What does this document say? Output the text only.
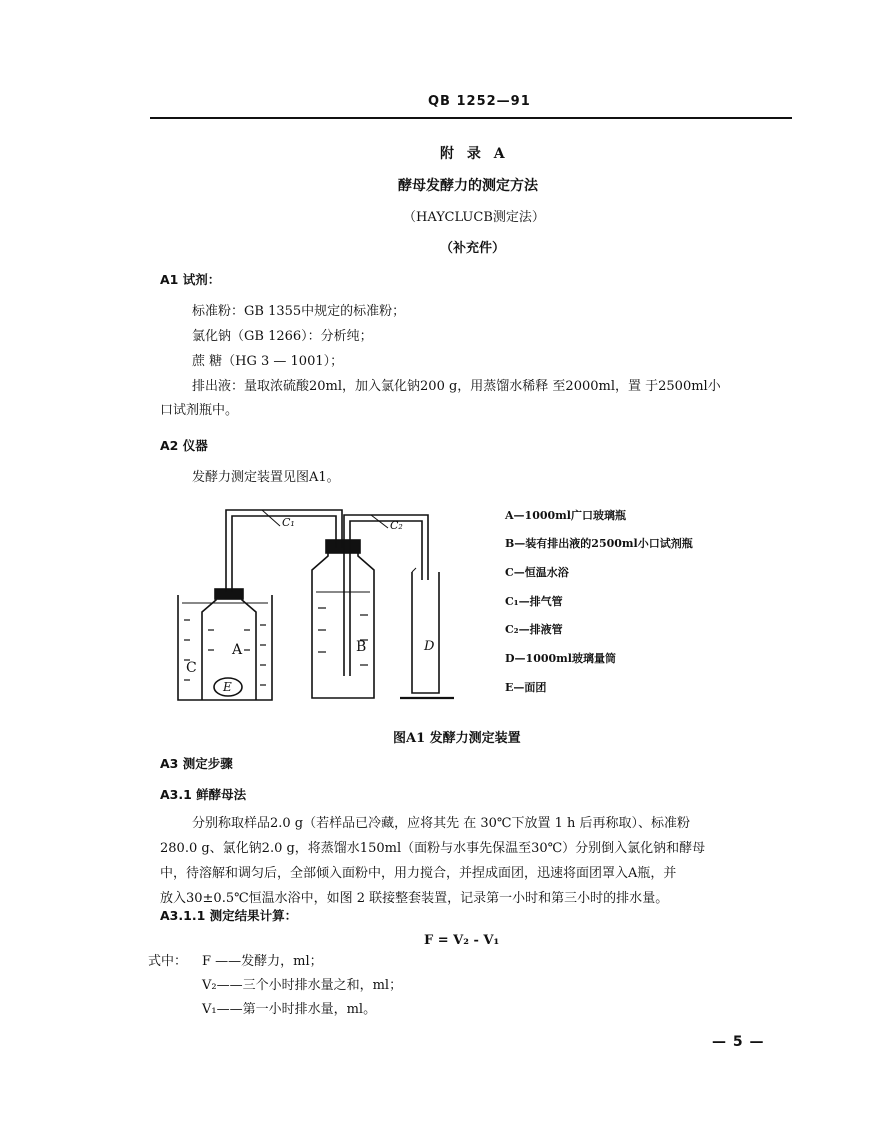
QB 1252—91
附 录 A
酵母发酵力的测定方法
（HAYCLUCB测定法）
（补充件）
A1 试剂：
标准粉：GB 1355中规定的标准粉；
氯化钠（GB 1266）：分析纯；
蔗 糖（HG 3 — 1001）；
排出液：量取浓硫酸20ml，加入氯化钠200 g，用蒸馏水稀释 至2000ml，置 于2500ml小
口试剂瓶中。
A2 仪器
发酵力测定装置见图A1。
A	B
C
D
E
C₁	C₂
A—1000ml广口玻璃瓶
B—装有排出液的2500ml小口试剂瓶
C—恒温水浴
C₁—排气管
C₂—排液管
D—1000ml玻璃量筒
E—面团
图A1 发酵力测定装置
A3 测定步骤
A3.1 鲜酵母法
分别称取样品2.0 g（若样品已冷藏，应将其先 在 30℃下放置 1 h 后再称取）、标准粉
280.0 g、氯化钠2.0 g，将蒸馏水150ml（面粉与水事先保温至30℃）分别倒入氯化钠和酵母
中，待溶解和调匀后，全部倾入面粉中，用力搅合，并捏成面团，迅速将面团罩入A瓶，并
放入30±0.5℃恒温水浴中，如图 2 联接整套装置，记录第一小时和第三小时的排水量。
A3.1.1 测定结果计算：
F = V₂ - V₁
式中： F ——发酵力，ml；
V₂——三个小时排水量之和，ml；
V₁——第一小时排水量，ml。
— 5 —
